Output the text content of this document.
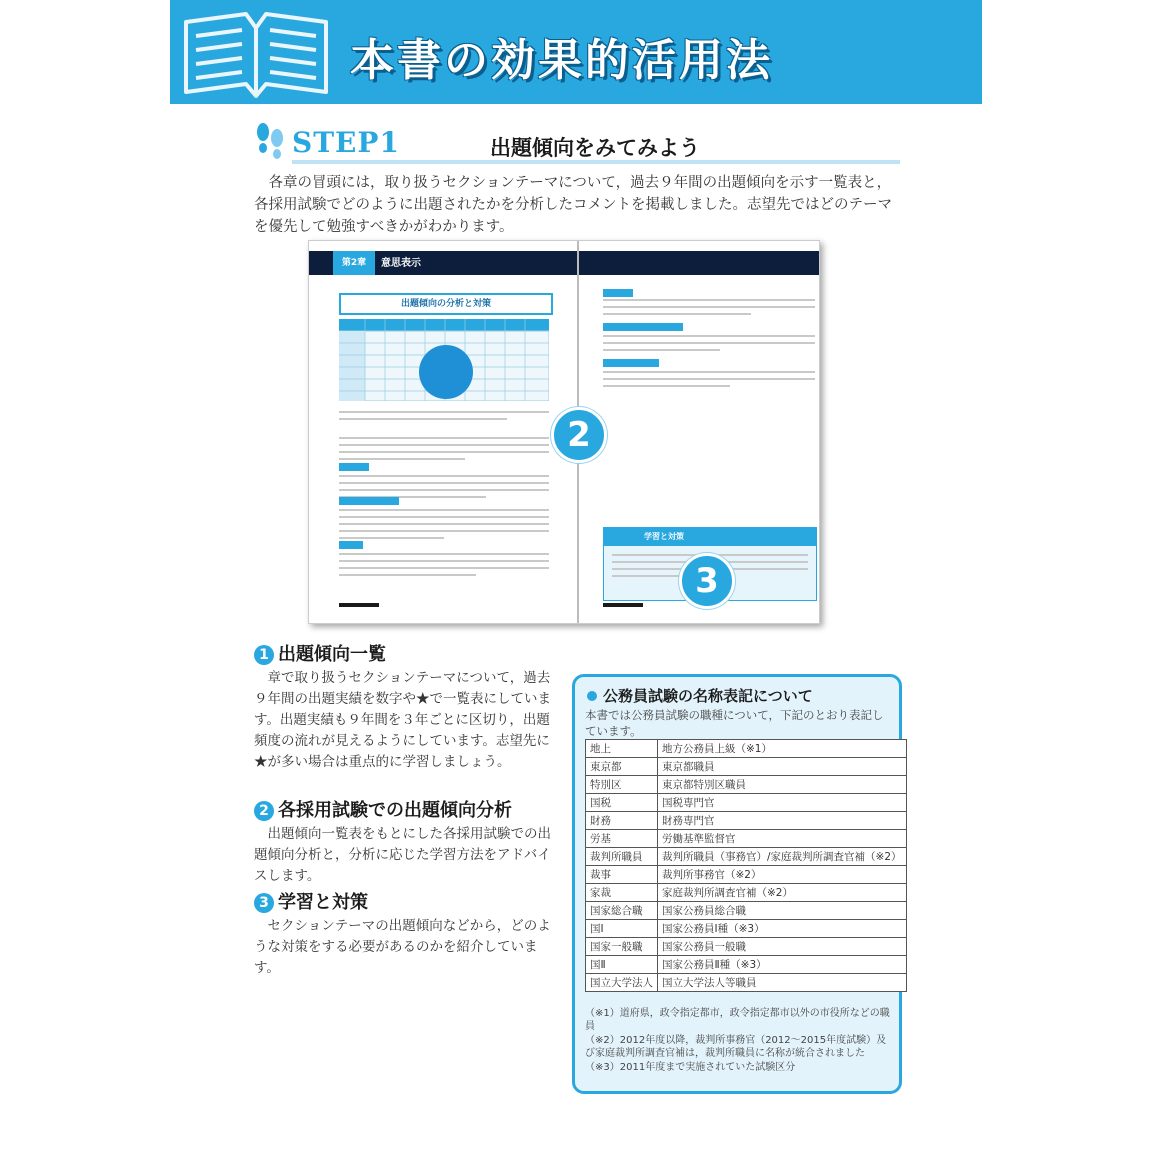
本書の効果的活用法
STEP1	出題傾向をみてみよう
各章の冒頭には，取り扱うセクションテーマについて，過去９年間の出題傾向を示す一覧表と，各採用試験でどのように出題されたかを分析したコメントを掲載しました。志望先ではどのテーマを優先して勉強すべきかがわかります。
第2章	意思表示
出題傾向の分析と対策
学習と対策
2
3
1 出題傾向一覧
章で取り扱うセクションテーマについて，過去９年間の出題実績を数字や★で一覧表にしています。出題実績も９年間を３年ごとに区切り，出題頻度の流れが見えるようにしています。志望先に★が多い場合は重点的に学習しましょう。
2 各採用試験での出題傾向分析
出題傾向一覧表をもとにした各採用試験での出題傾向分析と，分析に応じた学習方法をアドバイスします。
3 学習と対策
セクションテーマの出題傾向などから，どのような対策をする必要があるのかを紹介しています。
公務員試験の名称表記について
本書では公務員試験の職種について，下記のとおり表記しています。
地上	地方公務員上級（※1）
東京都	東京都職員
特別区	東京都特別区職員
国税	国税専門官
財務	財務専門官
労基	労働基準監督官
裁判所職員	裁判所職員（事務官）/家庭裁判所調査官補（※2）
裁事	裁判所事務官（※2）
家裁	家庭裁判所調査官補（※2）
国家総合職	国家公務員総合職
国Ⅰ	国家公務員Ⅰ種（※3）
国家一般職	国家公務員一般職
国Ⅱ	国家公務員Ⅱ種（※3）
国立大学法人	国立大学法人等職員
（※1）道府県，政令指定都市，政令指定都市以外の市役所などの職員
（※2）2012年度以降，裁判所事務官（2012～2015年度試験）及び家庭裁判所調査官補は，裁判所職員に名称が統合されました
（※3）2011年度まで実施されていた試験区分
